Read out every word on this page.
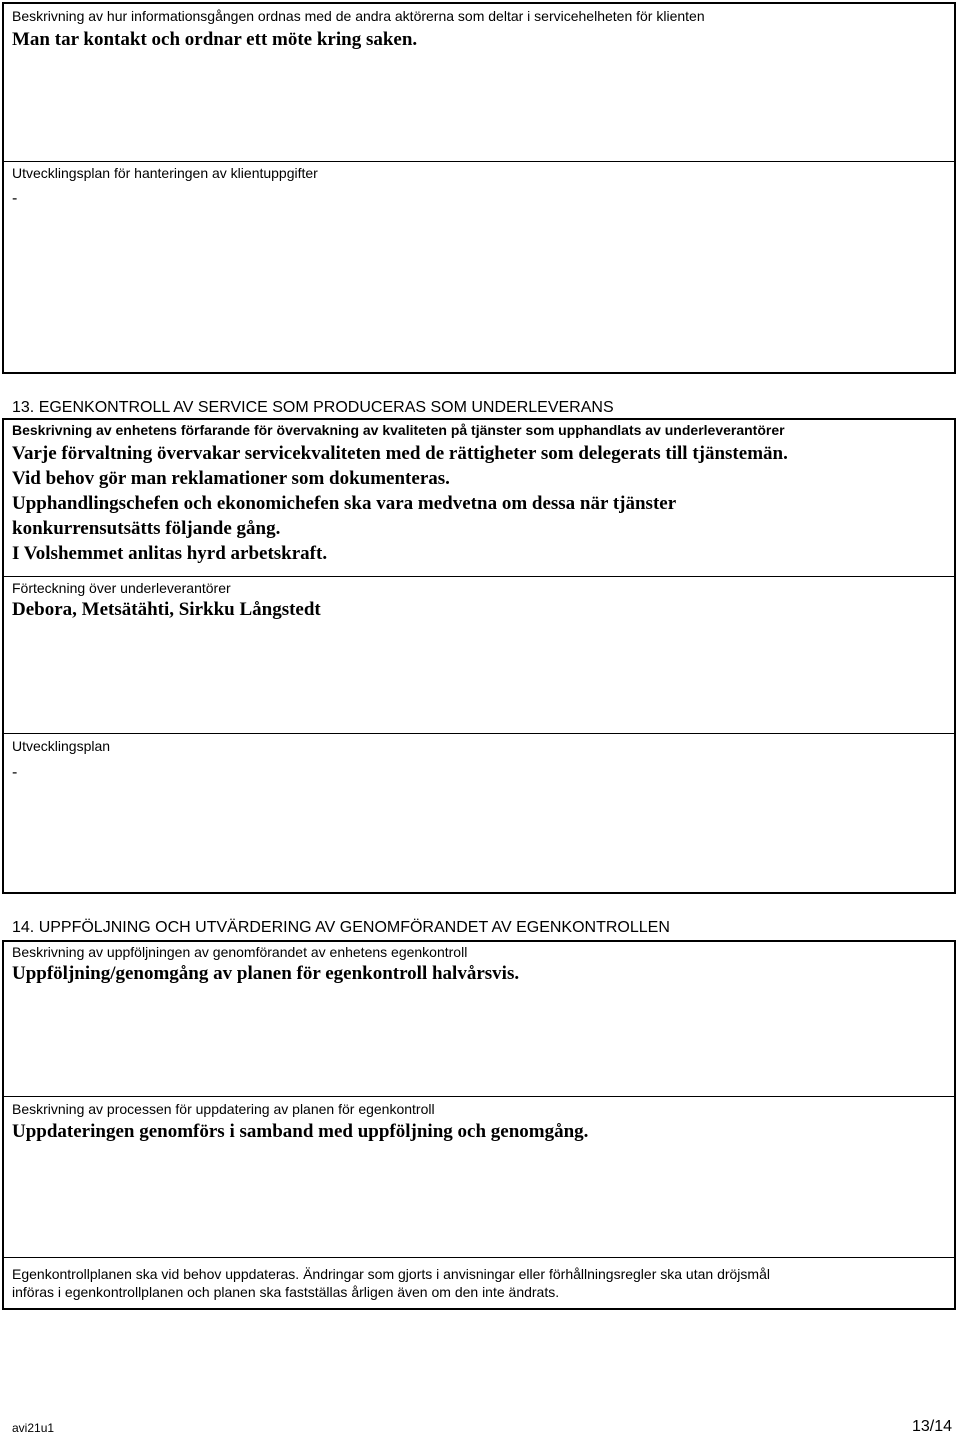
Beskrivning av hur informationsgången ordnas med de andra aktörerna som deltar i servicehelheten för klienten
Man tar kontakt och ordnar ett möte kring saken.
Utvecklingsplan för hanteringen av klientuppgifter
-
13. EGENKONTROLL AV SERVICE SOM PRODUCERAS SOM UNDERLEVERANS
Beskrivning av enhetens förfarande för övervakning av kvaliteten på tjänster som upphandlats av underleverantörer
Varje förvaltning övervakar servicekvaliteten med de rättigheter som delegerats till tjänstemän.
Vid behov gör man reklamationer som dokumenteras.
Upphandlingschefen och ekonomichefen ska vara medvetna om dessa när tjänster
konkurrensutsätts följande gång.
I Volshemmet anlitas hyrd arbetskraft.
Förteckning över underleverantörer
Debora, Metsätähti, Sirkku Långstedt
Utvecklingsplan
-
14. UPPFÖLJNING OCH UTVÄRDERING AV GENOMFÖRANDET AV EGENKONTROLLEN
Beskrivning av uppföljningen av genomförandet av enhetens egenkontroll
Uppföljning/genomgång av planen för egenkontroll halvårsvis.
Beskrivning av processen för uppdatering av planen för egenkontroll
Uppdateringen genomförs i samband med uppföljning och genomgång.
Egenkontrollplanen ska vid behov uppdateras. Ändringar som gjorts i anvisningar eller förhållningsregler ska utan dröjsmål
införas i egenkontrollplanen och planen ska fastställas årligen även om den inte ändrats.
avi21u1	13/14
